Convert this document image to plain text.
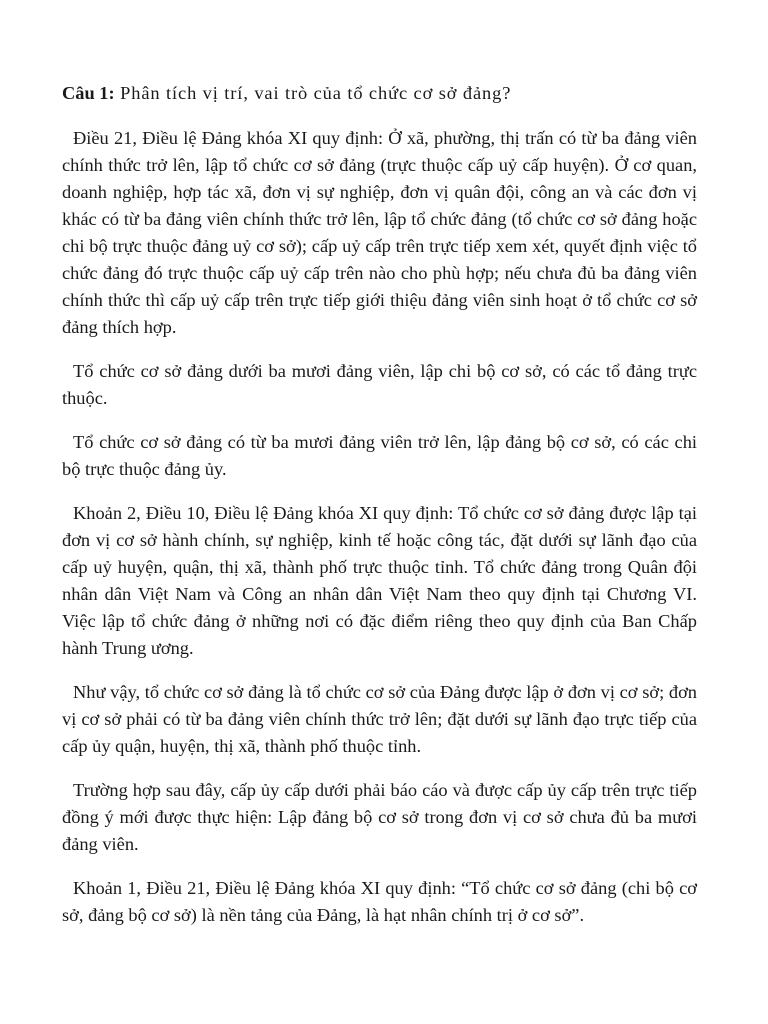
Câu 1: Phân tích vị trí, vai trò của tổ chức cơ sở đảng?

Điều 21, Điều lệ Đảng khóa XI quy định: Ở xã, phường, thị trấn có từ ba đảng viên chính thức trở lên, lập tổ chức cơ sở đảng (trực thuộc cấp uỷ cấp huyện). Ở cơ quan, doanh nghiệp, hợp tác xã, đơn vị sự nghiệp, đơn vị quân đội, công an và các đơn vị khác có từ ba đảng viên chính thức trở lên, lập tổ chức đảng (tổ chức cơ sở đảng hoặc chi bộ trực thuộc đảng uỷ cơ sở); cấp uỷ cấp trên trực tiếp xem xét, quyết định việc tổ chức đảng đó trực thuộc cấp uỷ cấp trên nào cho phù hợp; nếu chưa đủ ba đảng viên chính thức thì cấp uỷ cấp trên trực tiếp giới thiệu đảng viên sinh hoạt ở tổ chức cơ sở đảng thích hợp.

Tổ chức cơ sở đảng dưới ba mươi đảng viên, lập chi bộ cơ sở, có các tổ đảng trực thuộc.

Tổ chức cơ sở đảng có từ ba mươi đảng viên trở lên, lập đảng bộ cơ sở, có các chi bộ trực thuộc đảng ủy.

Khoản 2, Điều 10, Điều lệ Đảng khóa XI quy định: Tổ chức cơ sở đảng được lập tại đơn vị cơ sở hành chính, sự nghiệp, kinh tế hoặc công tác, đặt dưới sự lãnh đạo của cấp uỷ huyện, quận, thị xã, thành phố trực thuộc tỉnh. Tổ chức đảng trong Quân đội nhân dân Việt Nam và Công an nhân dân Việt Nam theo quy định tại Chương VI. Việc lập tổ chức đảng ở những nơi có đặc điểm riêng theo quy định của Ban Chấp hành Trung ương.

Như vậy, tổ chức cơ sở đảng là tổ chức cơ sở của Đảng được lập ở đơn vị cơ sở; đơn vị cơ sở phải có từ ba đảng viên chính thức trở lên; đặt dưới sự lãnh đạo trực tiếp của cấp ủy quận, huyện, thị xã, thành phố thuộc tỉnh.

Trường hợp sau đây, cấp ủy cấp dưới phải báo cáo và được cấp ủy cấp trên trực tiếp đồng ý mới được thực hiện: Lập đảng bộ cơ sở trong đơn vị cơ sở chưa đủ ba mươi đảng viên.

Khoản 1, Điều 21, Điều lệ Đảng khóa XI quy định: “Tổ chức cơ sở đảng (chi bộ cơ sở, đảng bộ cơ sở) là nền tảng của Đảng, là hạt nhân chính trị ở cơ sở”.
